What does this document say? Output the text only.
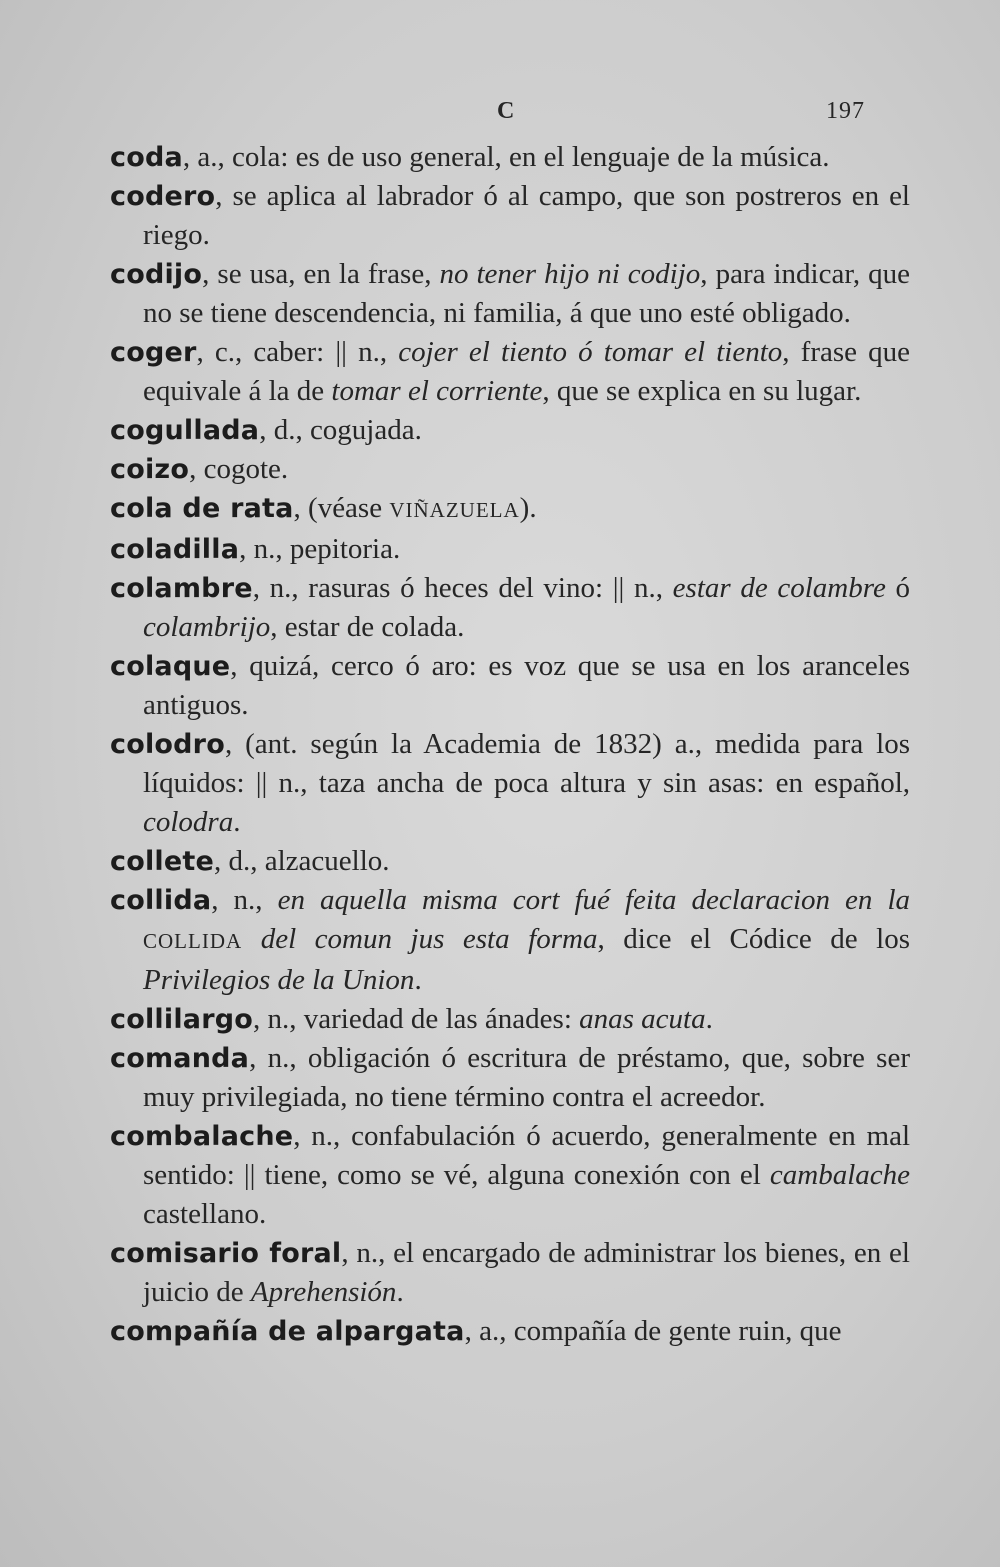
C	197

coda, a., cola: es de uso general, en el lenguaje de la música.

codero, se aplica al labrador ó al campo, que son postreros en el riego.

codijo, se usa, en la frase, no tener hijo ni codijo, para indicar, que no se tiene descendencia, ni familia, á que uno esté obligado.

coger, c., caber: || n., cojer el tiento ó tomar el tiento, frase que equivale á la de tomar el corriente, que se explica en su lugar.

cogullada, d., cogujada.

coizo, cogote.

cola de rata, (véase VIÑAZUELA).

coladilla, n., pepitoria.

colambre, n., rasuras ó heces del vino: || n., estar de colambre ó colambrijo, estar de colada.

colaque, quizá, cerco ó aro: es voz que se usa en los aranceles antiguos.

colodro, (ant. según la Academia de 1832) a., medida para los líquidos: || n., taza ancha de poca altura y sin asas: en español, colodra.

collete, d., alzacuello.

collida, n., en aquella misma cort fué feita declaracion en la COLLIDA del comun jus esta forma, dice el Códice de los Privilegios de la Union.

collilargo, n., variedad de las ánades: anas acuta.

comanda, n., obligación ó escritura de préstamo, que, sobre ser muy privilegiada, no tiene término contra el acreedor.

combalache, n., confabulación ó acuerdo, generalmente en mal sentido: || tiene, como se vé, alguna conexión con el cambalache castellano.

comisario foral, n., el encargado de administrar los bienes, en el juicio de Aprehensión.

compañía de alpargata, a., compañía de gente ruin, que
